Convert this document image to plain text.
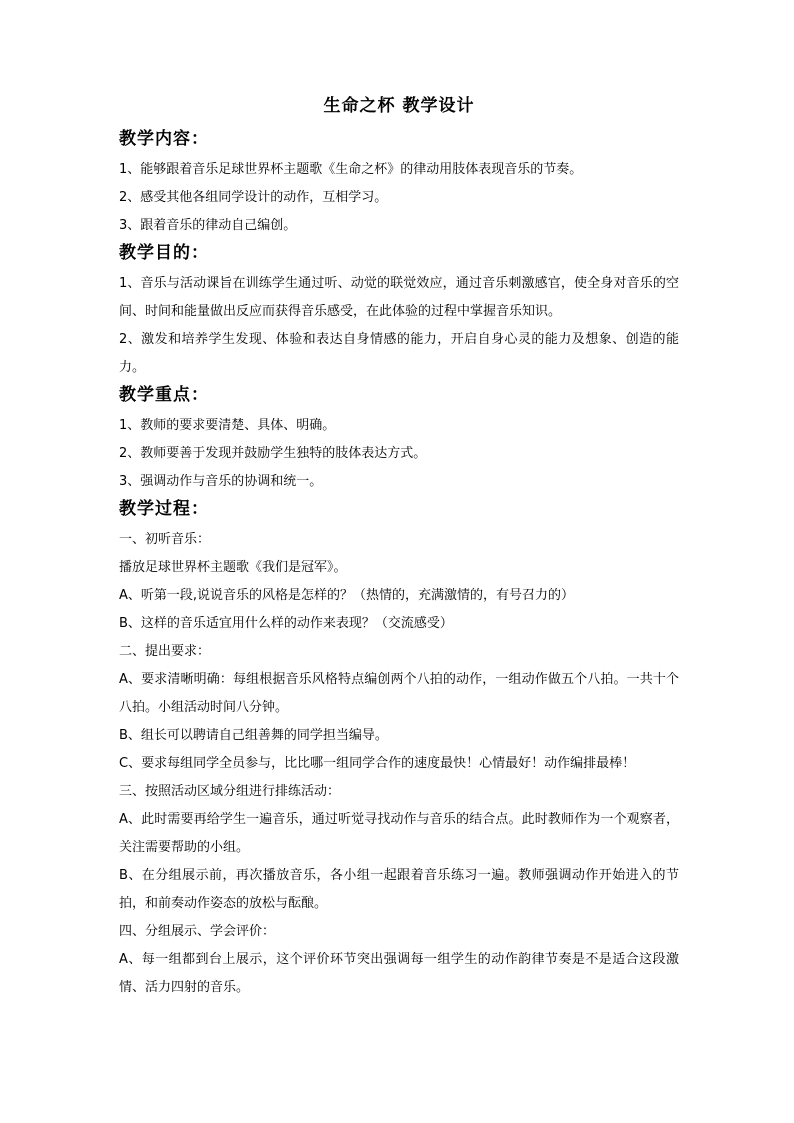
生命之杯 教学设计
教学内容：

1、能够跟着音乐足球世界杯主题歌《生命之杯》的律动用肢体表现音乐的节奏。

2、感受其他各组同学设计的动作，互相学习。

3、跟着音乐的律动自己编创。

教学目的：

1、音乐与活动课旨在训练学生通过听、动觉的联觉效应，通过音乐刺激感官，使全身对音乐的空间、时间和能量做出反应而获得音乐感受，在此体验的过程中掌握音乐知识。

2、激发和培养学生发现、体验和表达自身情感的能力，开启自身心灵的能力及想象、创造的能力。

教学重点：

1、教师的要求要清楚、具体、明确。

2、教师要善于发现并鼓励学生独特的肢体表达方式。

3、强调动作与音乐的协调和统一。

教学过程：

一、初听音乐：

播放足球世界杯主题歌《我们是冠军》。

A、听第一段,说说音乐的风格是怎样的？（热情的，充满激情的，有号召力的）

B、这样的音乐适宜用什么样的动作来表现？（交流感受）

二、提出要求：

A、要求清晰明确：每组根据音乐风格特点编创两个八拍的动作，一组动作做五个八拍。一共十个八拍。小组活动时间八分钟。

B、组长可以聘请自己组善舞的同学担当编导。

C、要求每组同学全员参与，比比哪一组同学合作的速度最快！心情最好！动作编排最棒！

三、按照活动区域分组进行排练活动：

A、此时需要再给学生一遍音乐，通过听觉寻找动作与音乐的结合点。此时教师作为一个观察者，关注需要帮助的小组。

B、在分组展示前，再次播放音乐，各小组一起跟着音乐练习一遍。教师强调动作开始进入的节拍，和前奏动作姿态的放松与酝酿。

四、分组展示、学会评价：

A、每一组都到台上展示，这个评价环节突出强调每一组学生的动作韵律节奏是不是适合这段激情、活力四射的音乐。
